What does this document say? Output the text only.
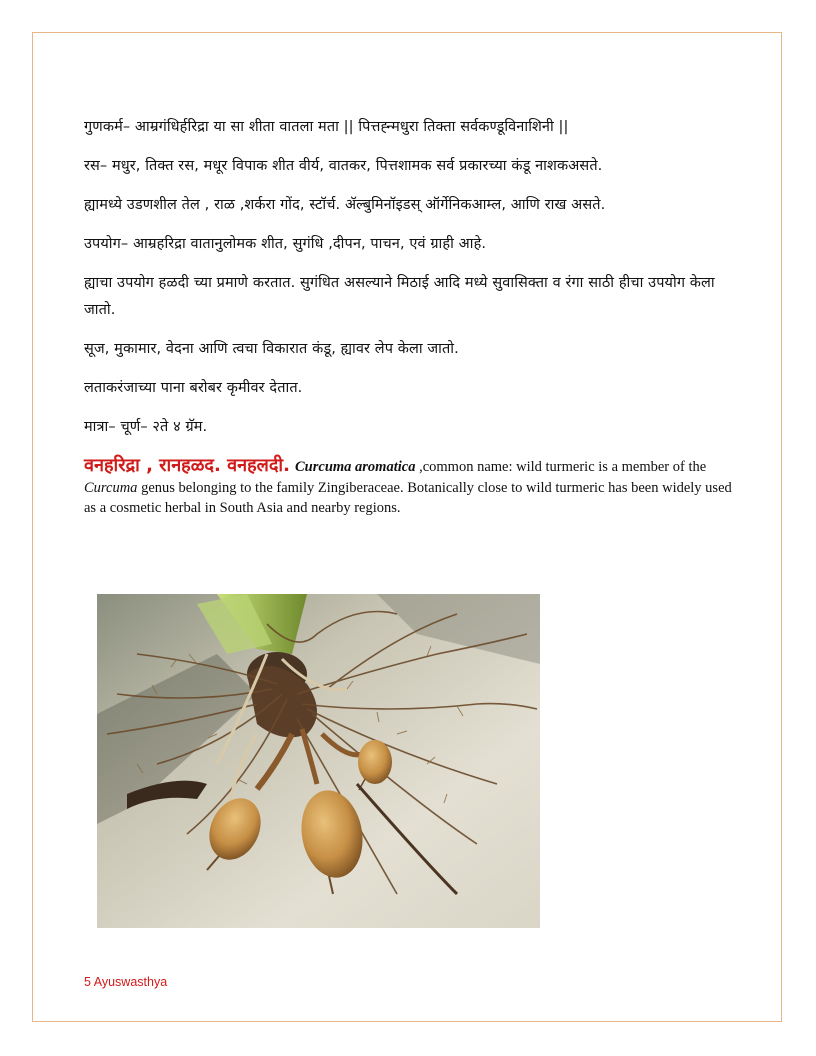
गुणकर्म– आम्रगंधिर्हरिद्रा या सा शीता वातला मता || पित्तह्न्मधुरा तिक्ता सर्वकण्डूविनाशिनी ||

रस– मधुर, तिक्त रस, मधूर विपाक शीत वीर्य, वातकर, पित्तशामक सर्व प्रकारच्या कंडू नाशकअसते.

ह्यामध्ये उडणशील तेल , राळ ,शर्करा गोंद, स्टॉर्च. ॲल्बुमिनॉइडस् ऑर्गेनिकआम्ल, आणि राख असते.

उपयोग– आम्रहरिद्रा वातानुलोमक शीत, सुगंधि ,दीपन, पाचन, एवं ग्राही आहे.

ह्याचा उपयोग हळदी च्या प्रमाणे करतात. सुगंधित असल्याने मिठाई आदि मध्ये सुवासिक्ता व रंगा साठी हीचा उपयोग केला जातो.

सूज, मुकामार, वेदना आणि त्वचा विकारात कंडू, ह्यावर लेप केला जातो.

लताकरंजाच्या पाना बरोबर कृमीवर देतात.

मात्रा– चूर्ण– २ते ४ ग्रॅम.

वनहरिद्रा , रानहळद. वनहलदी. Curcuma aromatica ,common name: wild turmeric is a member of the Curcuma genus belonging to the family Zingiberaceae. Botanically close to wild turmeric has been widely used as a cosmetic herbal in South Asia and nearby regions.
5 Ayuswasthya
